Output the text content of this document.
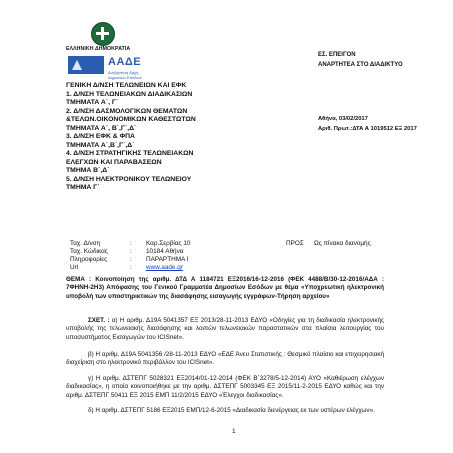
ΕΛΛΗΝΙΚΗ ΔΗΜΟΚΡΑΤΙΑ
ΑΑΔΕ
Ανεξάρτητη Αρχή
Δημοσίων Εσόδων
ΓΕΝΙΚΗ Δ/ΝΣΗ ΤΕΛΩΝΕΙΩΝ ΚΑΙ ΕΦΚ
1. Δ/ΝΣΗ ΤΕΛΩΝΕΙΑΚΩΝ ΔΙΑΔΙΚΑΣΙΩΝ
ΤΜΗΜΑΤΑ Α΄, Γ΄
2. Δ/ΝΣΗ ΔΑΣΜΟΛΟΓΙΚΩΝ ΘΕΜΑΤΩΝ
&ΤΕΛΩΝ.ΟΙΚΟΝΟΜΙΚΩΝ ΚΑΘΕΣΤΩΤΩΝ
ΤΜΗΜΑΤΑ Α΄, Β΄,Γ΄,Δ΄
3. Δ/ΝΣΗ ΕΦΚ & ΦΠΑ
ΤΜΗΜΑΤΑ Α΄,Β΄,Γ΄,Δ΄
4. Δ/ΝΣΗ ΣΤΡΑΤΗΓΙΚΗΣ ΤΕΛΩΝΕΙΑΚΩΝ
ΕΛΕΓΧΩΝ ΚΑΙ ΠΑΡΑΒΑΣΕΩΝ
ΤΜΗΜΑ Β΄,Δ΄
5. Δ/ΝΣΗ ΗΛΕΚΤΡΟΝΙΚΟΥ ΤΕΛΩΝΕΙΟΥ
ΤΜΗΜΑ Γ΄
ΕΣ. ΕΠΕΙΓΟΝ
ΑΝΑΡΤΗΤΕΑ ΣΤΟ ΔΙΑΔΙΚΤΥΟ
Αθήνα, 03/02/2017
Αριθ. Πρωτ.:ΔΤΑ Α 1019512 ΕΞ 2017
Ταχ. Δ/νση	: Καρ.Σερβίας 10
Ταχ. Κώδικας	: 10184 Αθήνα
Πληροφορίες	: ΠΑΡΑΡΤΗΜΑ Ι
Url	: www.aade.gr
ΠΡΟΣ Ως πίνακα διανομής
ΘΕΜΑ : Κοινοποίηση της αριθμ. ΔΤΔ Α 1184721 ΕΞ2016/16-12-2016 (ΦΕΚ 4488/Β/30-12-2016/ΑΔΑ : 7ΦΗΝΗ-2Η3) Απόφασης του Γενικού Γραμματέα Δημοσίων Εσόδων με θέμα «Υποχρεωτική ηλεκτρονική υποβολή των υποστηρικτικών της διασάφησης εισαγωγής εγγράφων-Τήρηση αρχείου»
ΣΧΕΤ. : α) Η αριθμ. Δ19Α 5041357 ΕΞ 2013/28-11-2013 ΕΔΥΟ «Οδηγίες για τη διαδικασία ηλεκτρονικής υποβολής της τελωνειακής διασάφησης και λοιπών τελωνειακών παραστατικών στα πλαίσια λειτουργίας του υποσυστήματος Εισαγωγών του ICISnet».
β) Η αριθμ. Δ19Α 5041356 /28-11-2013 ΕΔΥΟ «ΕΔΕ Άνευ Στατιστικής : Θεσμικό πλαίσιο και επιχειρησιακή διαχείριση στο ηλεκτρονικό περιβάλλον του ICISnet».
γ) Η αριθμ. ΔΣΤΕΠΓ 5028321 ΕΞ2014/01-12-2014 (ΦΕΚ Β΄3278/5-12-2014) ΑΥΟ «Καθιέρωση ελέγχων διαδικασίας», η οποία κοινοποιήθηκε με την αριθμ. ΔΣΤΕΠΓ 5003345 ΕΞ 2015/11-2-2015 ΕΔΥΟ καθώς και την αριθμ. ΔΣΤΕΠΓ 50411 ΕΞ 2015 ΕΜΠ 11/2/2015 ΕΔΥΟ «Έλεγχοι διαδικασίας».
δ) Η αριθμ. ΔΣΤΕΠΓ 5186 ΕΞ2015 ΕΜΠ/12-6-2015 «Διαδικασία διενέργειας εκ των υστέρων ελέγχων».
1
